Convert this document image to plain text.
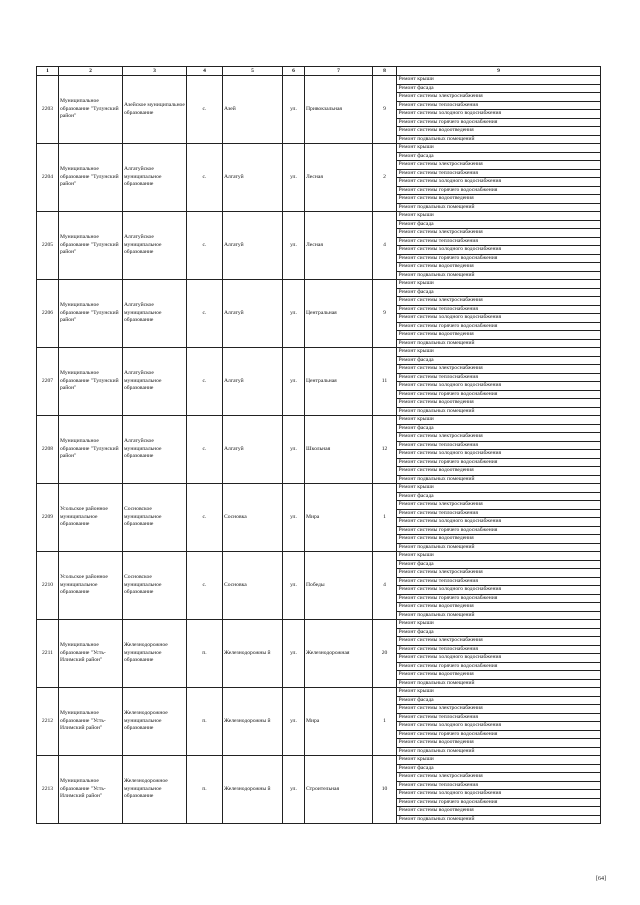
1	2	3	4	5	6	7	8	9
2203	Муниципальное образование "Тулунский район"	Азейское муниципальное образование	с.	Азей	ул.	Привокзальная	9	Ремонт крыши
								Ремонт фасада
								Ремонт системы электроснабжения
								Ремонт системы теплоснабжения
								Ремонт системы холодного водоснабжения
								Ремонт системы горячего водоснабжения
								Ремонт системы водоотведения
								Ремонт подвальных помещений
2204	Муниципальное образование "Тулунский район"	Алгатуйское муниципальное образование	с.	Алгатуй	ул.	Лесная	2	Ремонт крыши
								Ремонт фасада
								Ремонт системы электроснабжения
								Ремонт системы теплоснабжения
								Ремонт системы холодного водоснабжения
								Ремонт системы горячего водоснабжения
								Ремонт системы водоотведения
								Ремонт подвальных помещений
2205	Муниципальное образование "Тулунский район"	Алгатуйское муниципальное образование	с.	Алгатуй	ул.	Лесная	4	Ремонт крыши
								Ремонт фасада
								Ремонт системы электроснабжения
								Ремонт системы теплоснабжения
								Ремонт системы холодного водоснабжения
								Ремонт системы горячего водоснабжения
								Ремонт системы водоотведения
								Ремонт подвальных помещений
2206	Муниципальное образование "Тулунский район"	Алгатуйское муниципальное образование	с.	Алгатуй	ул.	Центральная	9	Ремонт крыши
								Ремонт фасада
								Ремонт системы электроснабжения
								Ремонт системы теплоснабжения
								Ремонт системы холодного водоснабжения
								Ремонт системы горячего водоснабжения
								Ремонт системы водоотведения
								Ремонт подвальных помещений
2207	Муниципальное образование "Тулунский район"	Алгатуйское муниципальное образование	с.	Алгатуй	ул.	Центральная	11	Ремонт крыши
								Ремонт фасада
								Ремонт системы электроснабжения
								Ремонт системы теплоснабжения
								Ремонт системы холодного водоснабжения
								Ремонт системы горячего водоснабжения
								Ремонт системы водоотведения
								Ремонт подвальных помещений
2208	Муниципальное образование "Тулунский район"	Алгатуйское муниципальное образование	с.	Алгатуй	ул.	Школьная	12	Ремонт крыши
								Ремонт фасада
								Ремонт системы электроснабжения
								Ремонт системы теплоснабжения
								Ремонт системы холодного водоснабжения
								Ремонт системы горячего водоснабжения
								Ремонт системы водоотведения
								Ремонт подвальных помещений
2209	Усольское районное муниципальное образование	Сосновское муниципальное образование	с.	Сосновка	ул.	Мира	1	Ремонт крыши
								Ремонт фасада
								Ремонт системы электроснабжения
								Ремонт системы теплоснабжения
								Ремонт системы холодного водоснабжения
								Ремонт системы горячего водоснабжения
								Ремонт системы водоотведения
								Ремонт подвальных помещений
2210	Усольское районное муниципальное образование	Сосновское муниципальное образование	с.	Сосновка	ул.	Победы	4	Ремонт крыши
								Ремонт фасада
								Ремонт системы электроснабжения
								Ремонт системы теплоснабжения
								Ремонт системы холодного водоснабжения
								Ремонт системы горячего водоснабжения
								Ремонт системы водоотведения
								Ремонт подвальных помещений
2211	Муниципальное образование "Усть-Илимский район"	Железнодорожное муниципальное образование	п.	Железнодорожны й	ул.	Железнодорожная	20	Ремонт крыши
								Ремонт фасада
								Ремонт системы электроснабжения
								Ремонт системы теплоснабжения
								Ремонт системы холодного водоснабжения
								Ремонт системы горячего водоснабжения
								Ремонт системы водоотведения
								Ремонт подвальных помещений
2212	Муниципальное образование "Усть-Илимский район"	Железнодорожное муниципальное образование	п.	Железнодорожны й	ул.	Мира	1	Ремонт крыши
								Ремонт фасада
								Ремонт системы электроснабжения
								Ремонт системы теплоснабжения
								Ремонт системы холодного водоснабжения
								Ремонт системы горячего водоснабжения
								Ремонт системы водоотведения
								Ремонт подвальных помещений
2213	Муниципальное образование "Усть-Илимский район"	Железнодорожное муниципальное образование	п.	Железнодорожны й	ул.	Строительная	10	Ремонт крыши
								Ремонт фасада
								Ремонт системы электроснабжения
								Ремонт системы теплоснабжения
								Ремонт системы холодного водоснабжения
								Ремонт системы горячего водоснабжения
								Ремонт системы водоотведения
								Ремонт подвальных помещений
[64]
